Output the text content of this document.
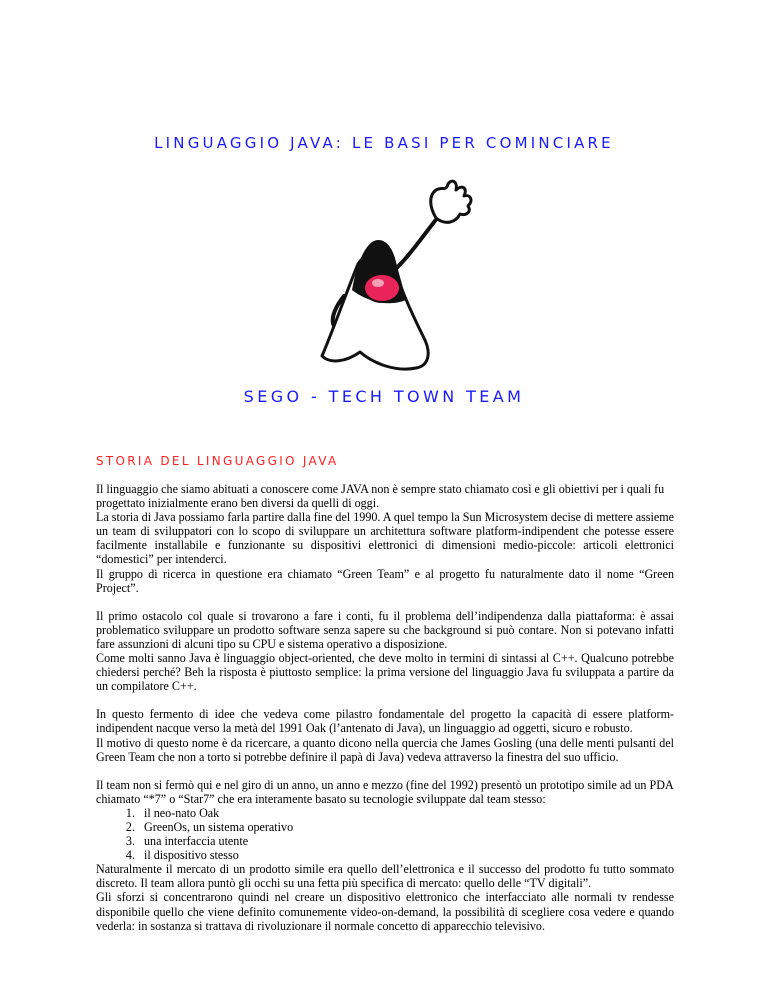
LINGUAGGIO JAVA: LE BASI PER COMINCIARE
SEGO - TECH TOWN TEAM
STORIA DEL LINGUAGGIO JAVA

Il linguaggio che siamo abituati a conoscere come JAVA non è sempre stato chiamato così e gli obiettivi per i quali fu progettato inizialmente erano ben diversi da quelli di oggi.

La storia di Java possiamo farla partire dalla fine del 1990. A quel tempo la Sun Microsystem decise di mettere assieme un team di sviluppatori con lo scopo di sviluppare un architettura software platform-indipendent che potesse essere facilmente installabile e funzionante su dispositivi elettronici di dimensioni medio-piccole: articoli elettronici “domestici” per intenderci.

Il gruppo di ricerca in questione era chiamato “Green Team” e al progetto fu naturalmente dato il nome “Green Project”.

Il primo ostacolo col quale si trovarono a fare i conti, fu il problema dell’indipendenza dalla piattaforma: è assai problematico sviluppare un prodotto software senza sapere su che background si può contare. Non si potevano infatti fare assunzioni di alcuni tipo su CPU e sistema operativo a disposizione.

Come molti sanno Java è linguaggio object-oriented, che deve molto in termini di sintassi al C++. Qualcuno potrebbe chiedersi perché? Beh la risposta è piuttosto semplice: la prima versione del linguaggio Java fu sviluppata a partire da un compilatore C++.

In questo fermento di idee che vedeva come pilastro fondamentale del progetto la capacità di essere platform-indipendent nacque verso la metà del 1991 Oak (l’antenato di Java), un linguaggio ad oggetti, sicuro e robusto.

Il motivo di questo nome è da ricercare, a quanto dicono nella quercia che James Gosling (una delle menti pulsanti del Green Team che non a torto si potrebbe definire il papà di Java) vedeva attraverso la finestra del suo ufficio.

Il team non si fermò qui e nel giro di un anno, un anno e mezzo (fine del 1992) presentò un prototipo simile ad un PDA chiamato “*7” o “Star7” che era interamente basato su tecnologie sviluppate dal team stesso:

1. il neo-nato Oak
2. GreenOs, un sistema operativo
3. una interfaccia utente
4. il dispositivo stesso

Naturalmente il mercato di un prodotto simile era quello dell’elettronica e il successo del prodotto fu tutto sommato discreto. Il team allora puntò gli occhi su una fetta più specifica di mercato: quello delle “TV digitali”.

Gli sforzi si concentrarono quindi nel creare un dispositivo elettronico che interfacciato alle normali tv rendesse disponibile quello che viene definito comunemente video-on-demand, la possibilità di scegliere cosa vedere e quando vederla: in sostanza si trattava di rivoluzionare il normale concetto di apparecchio televisivo.
